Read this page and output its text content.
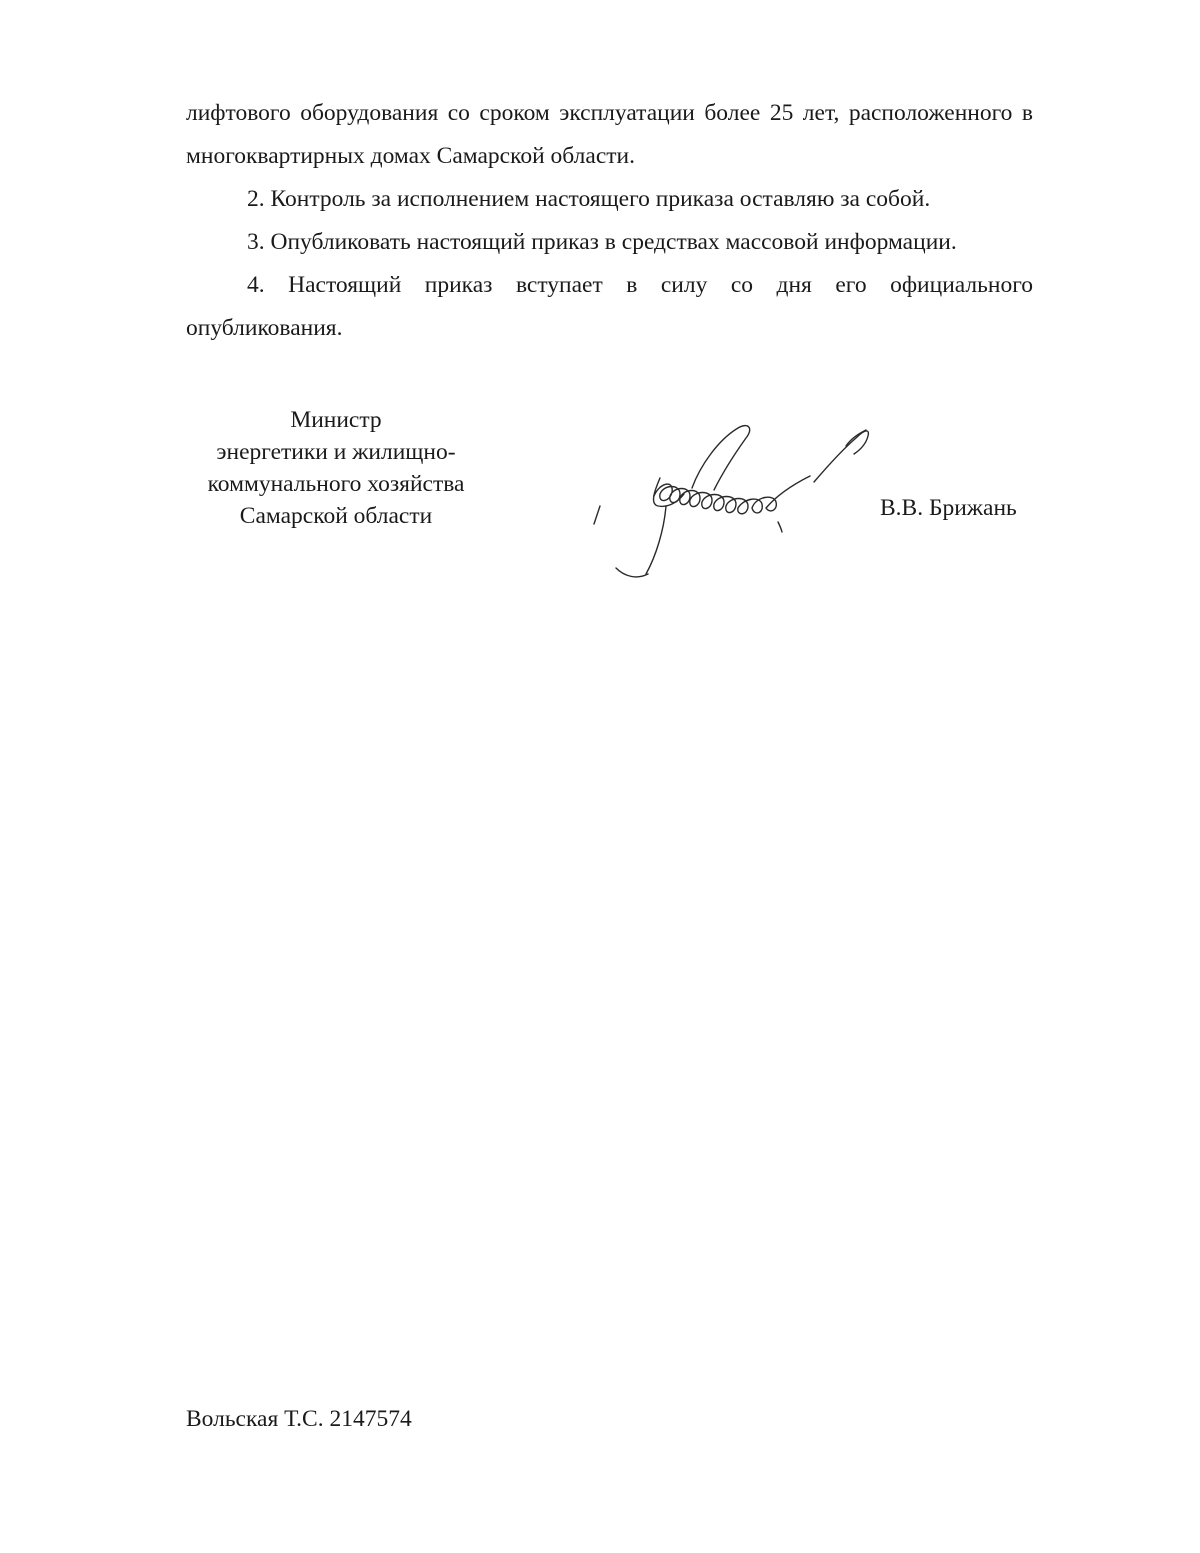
лифтового оборудования со сроком эксплуатации более 25 лет, расположенного в многоквартирных домах Самарской области.

2. Контроль за исполнением настоящего приказа оставляю за собой.

3. Опубликовать настоящий приказ в средствах массовой информации.

4. Настоящий приказ вступает в силу со дня его официального опубликования.

Министр
энергетики и жилищно-
коммунального хозяйства
Самарской области	В.В. Брижань
Вольская Т.С. 2147574
